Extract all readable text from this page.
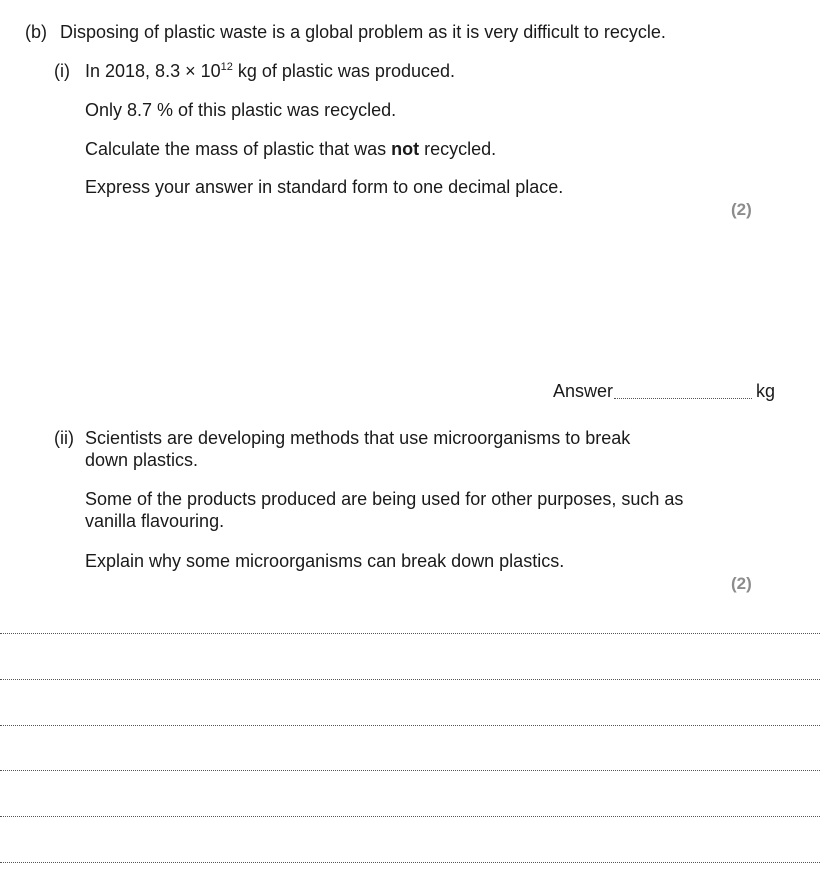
(b) Disposing of plastic waste is a global problem as it is very difficult to recycle.
(i) In 2018, $8.3 \times 10^{12}$ kg of plastic was produced.
Only 8.7 % of this plastic was recycled.
Calculate the mass of plastic that was not recycled.
Express your answer in standard form to one decimal place.
(2)
Answer	kg
(ii) Scientists are developing methods that use microorganisms to break down plastics.
Some of the products produced are being used for other purposes, such as vanilla flavouring.
Explain why some microorganisms can break down plastics.
(2)
